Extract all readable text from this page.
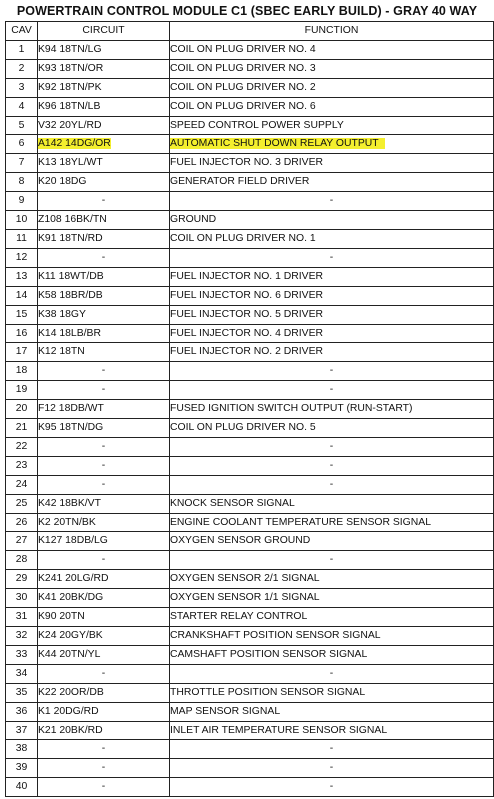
POWERTRAIN CONTROL MODULE C1 (SBEC EARLY BUILD) - GRAY 40 WAY
CAV	CIRCUIT	FUNCTION
1	K94 18TN/LG	COIL ON PLUG DRIVER NO. 4
2	K93 18TN/OR	COIL ON PLUG DRIVER NO. 3
3	K92 18TN/PK	COIL ON PLUG DRIVER NO. 2
4	K96 18TN/LB	COIL ON PLUG DRIVER NO. 6
5	V32 20YL/RD	SPEED CONTROL POWER SUPPLY
6	A142 14DG/OR	AUTOMATIC SHUT DOWN RELAY OUTPUT
7	K13 18YL/WT	FUEL INJECTOR NO. 3 DRIVER
8	K20 18DG	GENERATOR FIELD DRIVER
9	-	-
10	Z108 16BK/TN	GROUND
11	K91 18TN/RD	COIL ON PLUG DRIVER NO. 1
12	-	-
13	K11 18WT/DB	FUEL INJECTOR NO. 1 DRIVER
14	K58 18BR/DB	FUEL INJECTOR NO. 6 DRIVER
15	K38 18GY	FUEL INJECTOR NO. 5 DRIVER
16	K14 18LB/BR	FUEL INJECTOR NO. 4 DRIVER
17	K12 18TN	FUEL INJECTOR NO. 2 DRIVER
18	-	-
19	-	-
20	F12 18DB/WT	FUSED IGNITION SWITCH OUTPUT (RUN-START)
21	K95 18TN/DG	COIL ON PLUG DRIVER NO. 5
22	-	-
23	-	-
24	-	-
25	K42 18BK/VT	KNOCK SENSOR SIGNAL
26	K2 20TN/BK	ENGINE COOLANT TEMPERATURE SENSOR SIGNAL
27	K127 18DB/LG	OXYGEN SENSOR GROUND
28	-	-
29	K241 20LG/RD	OXYGEN SENSOR 2/1 SIGNAL
30	K41 20BK/DG	OXYGEN SENSOR 1/1 SIGNAL
31	K90 20TN	STARTER RELAY CONTROL
32	K24 20GY/BK	CRANKSHAFT POSITION SENSOR SIGNAL
33	K44 20TN/YL	CAMSHAFT POSITION SENSOR SIGNAL
34	-	-
35	K22 20OR/DB	THROTTLE POSITION SENSOR SIGNAL
36	K1 20DG/RD	MAP SENSOR SIGNAL
37	K21 20BK/RD	INLET AIR TEMPERATURE SENSOR SIGNAL
38	-	-
39	-	-
40	-	-
